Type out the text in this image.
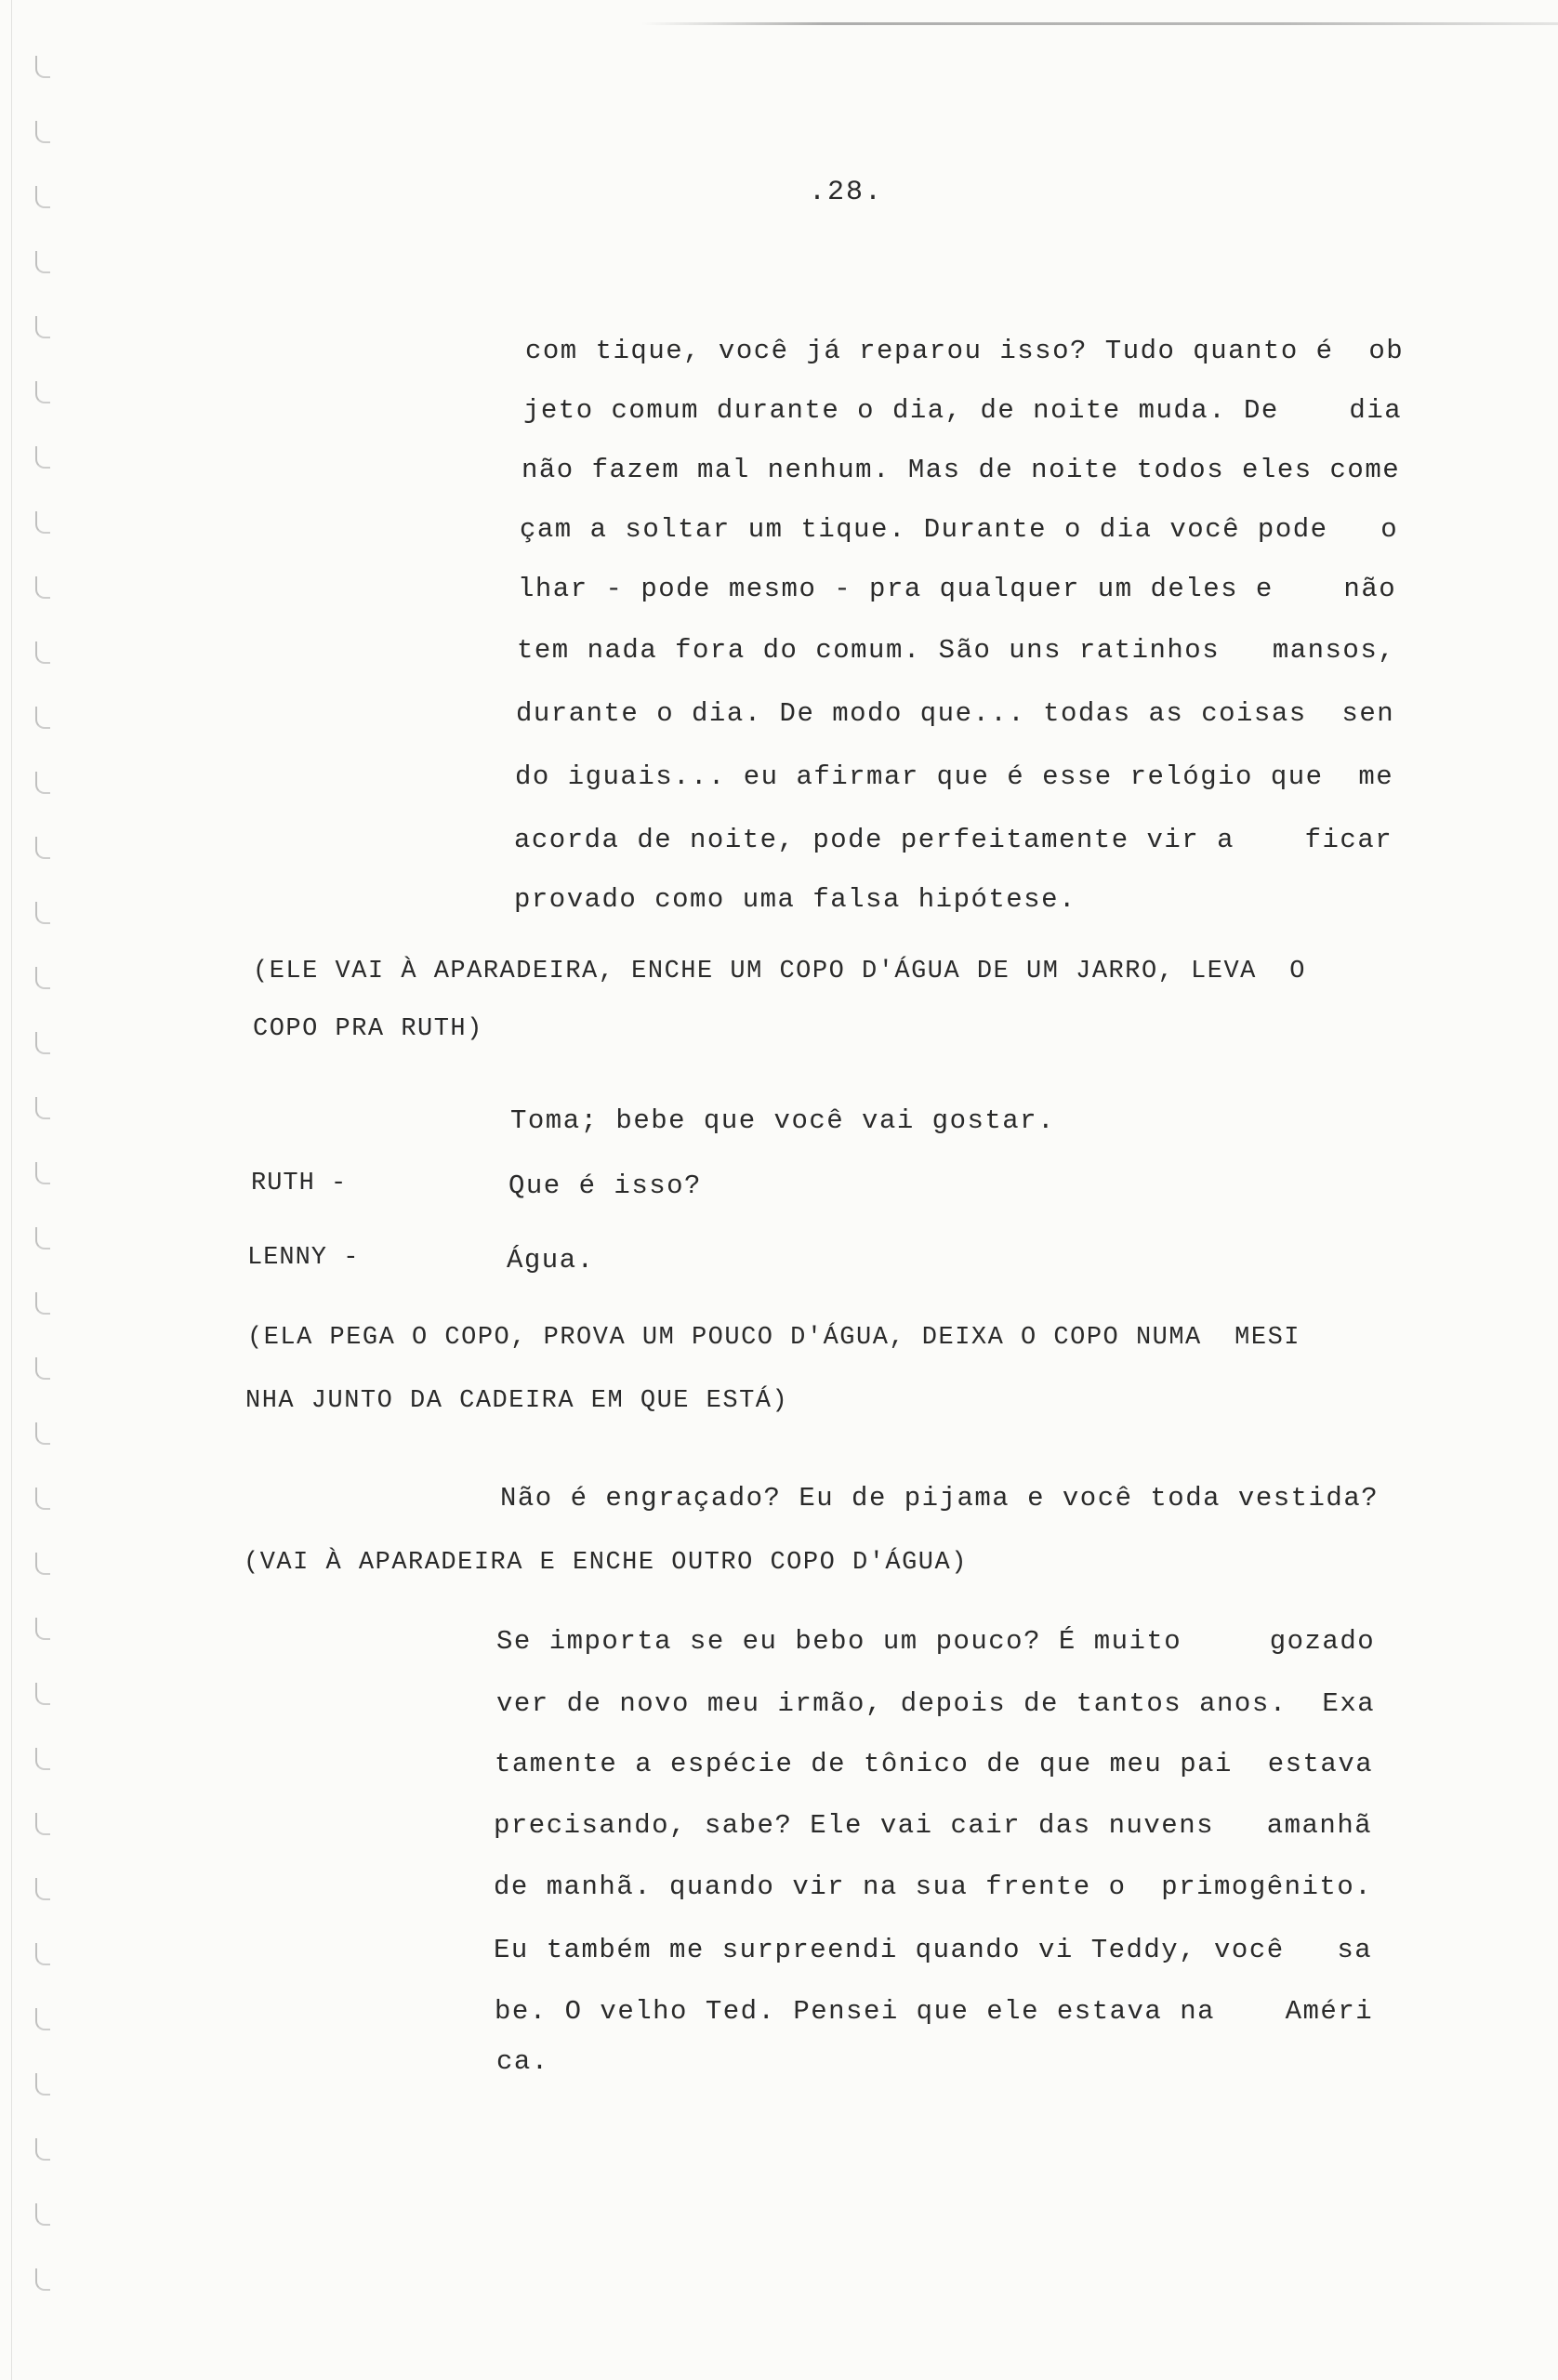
.28.
com tique, você já reparou isso? Tudo quanto é  ob
jeto comum durante o dia, de noite muda. De    dia
não fazem mal nenhum. Mas de noite todos eles come
çam a soltar um tique. Durante o dia você pode   o
lhar - pode mesmo - pra qualquer um deles e    não
tem nada fora do comum. São uns ratinhos   mansos,
durante o dia. De modo que... todas as coisas  sen
do iguais... eu afirmar que é esse relógio que  me
acorda de noite, pode perfeitamente vir a    ficar
provado como uma falsa hipótese.
(ELE VAI À APARADEIRA, ENCHE UM COPO D'ÁGUA DE UM JARRO, LEVA  O
COPO PRA RUTH)
Toma; bebe que você vai gostar.
RUTH -	Que é isso?
LENNY -	Água.
(ELA PEGA O COPO, PROVA UM POUCO D'ÁGUA, DEIXA O COPO NUMA  MESI
NHA JUNTO DA CADEIRA EM QUE ESTÁ)
Não é engraçado? Eu de pijama e você toda vestida?
(VAI À APARADEIRA E ENCHE OUTRO COPO D'ÁGUA)
Se importa se eu bebo um pouco? É muito     gozado
ver de novo meu irmão, depois de tantos anos.  Exa
tamente a espécie de tônico de que meu pai  estava
precisando, sabe? Ele vai cair das nuvens   amanhã
de manhã. quando vir na sua frente o  primogênito.
Eu também me surpreendi quando vi Teddy, você   sa
be. O velho Ted. Pensei que ele estava na    Améri
ca.
